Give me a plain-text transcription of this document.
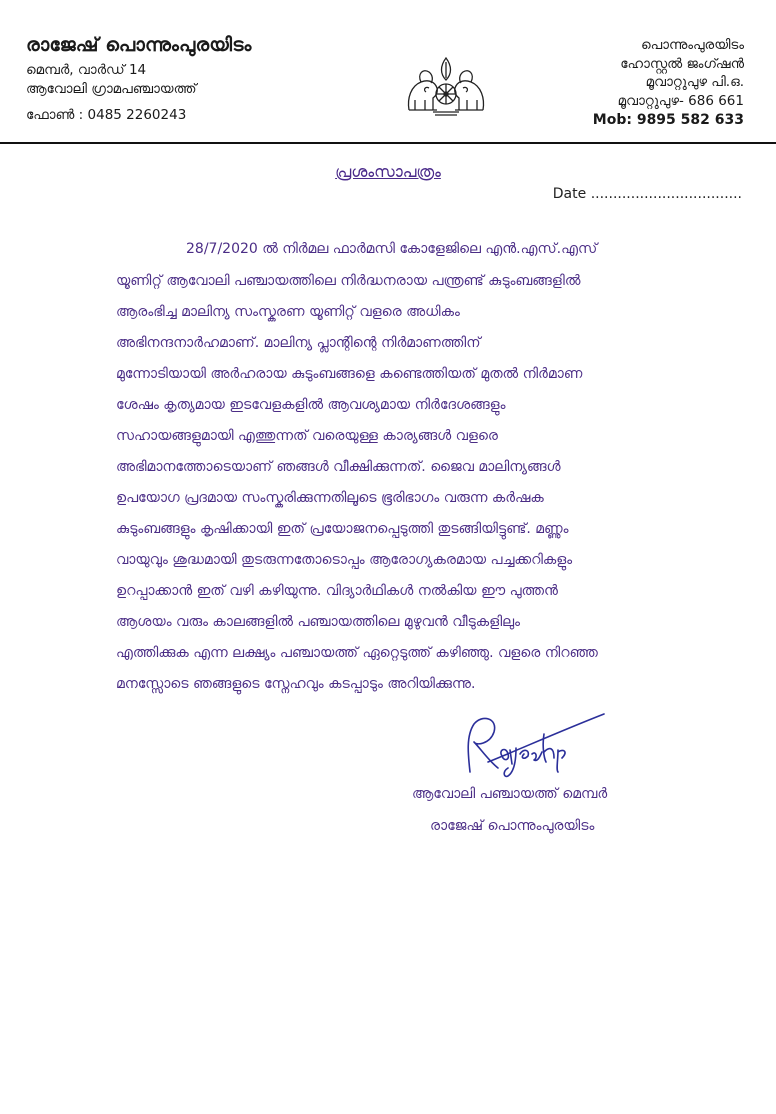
രാജേഷ് പൊന്നുംപുരയിടം
മെമ്പർ, വാർഡ് 14
ആവോലി ഗ്രാമപഞ്ചായത്ത്
ഫോൺ : 0485 2260243
പൊന്നുംപുരയിടം
ഹോസ്റ്റൽ ജംഗ്ഷൻ
മൂവാറ്റുപുഴ പി.ഒ.
മൂവാറ്റുപുഴ- 686 661
Mob: 9895 582 633
പ്രശംസാപത്രം
Date ..................................
28/7/2020 ൽ നിർമല ഫാർമസി കോളേജിലെ എൻ.എസ്.എസ്
യൂണിറ്റ് ആവോലി പഞ്ചായത്തിലെ നിർദ്ധനരായ പന്ത്രണ്ട് കുടുംബങ്ങളിൽ
ആരംഭിച്ച മാലിന്യ സംസ്കരണ യൂണിറ്റ് വളരെ അധികം
അഭിനന്ദനാർഹമാണ്. മാലിന്യ പ്ലാന്റിന്റെ നിർമാണത്തിന്
മുന്നോടിയായി അർഹരായ കുടുംബങ്ങളെ കണ്ടെത്തിയത് മുതൽ നിർമാണ
ശേഷം കൃത്യമായ ഇടവേളകളിൽ ആവശ്യമായ നിർദേശങ്ങളും
സഹായങ്ങളുമായി എത്തുന്നത് വരെയുള്ള കാര്യങ്ങൾ വളരെ
അഭിമാനത്തോടെയാണ് ഞങ്ങൾ വീക്ഷിക്കുന്നത്. ജൈവ മാലിന്യങ്ങൾ
ഉപയോഗ പ്രദമായ സംസ്കരിക്കുന്നതിലൂടെ ഭൂരിഭാഗം വരുന്ന കർഷക
കുടുംബങ്ങളും കൃഷിക്കായി ഇത് പ്രയോജനപ്പെടുത്തി തുടങ്ങിയിട്ടുണ്ട്. മണ്ണും
വായുവും ശുദ്ധമായി തുടരുന്നതോടൊപ്പം ആരോഗ്യകരമായ പച്ചക്കറികളും
ഉറപ്പാക്കാൻ ഇത് വഴി കഴിയുന്നു. വിദ്യാർഥികൾ നൽകിയ ഈ പുത്തൻ
ആശയം വരും കാലങ്ങളിൽ പഞ്ചായത്തിലെ മുഴുവൻ വീടുകളിലും
എത്തിക്കുക എന്ന ലക്ഷ്യം പഞ്ചായത്ത് ഏറ്റെടുത്ത് കഴിഞ്ഞു. വളരെ നിറഞ്ഞ
മനസ്സോടെ ഞങ്ങളുടെ സ്നേഹവും കടപ്പാടും അറിയിക്കുന്നു.
ആവോലി പഞ്ചായത്ത് മെമ്പർ
രാജേഷ് പൊന്നുംപുരയിടം
